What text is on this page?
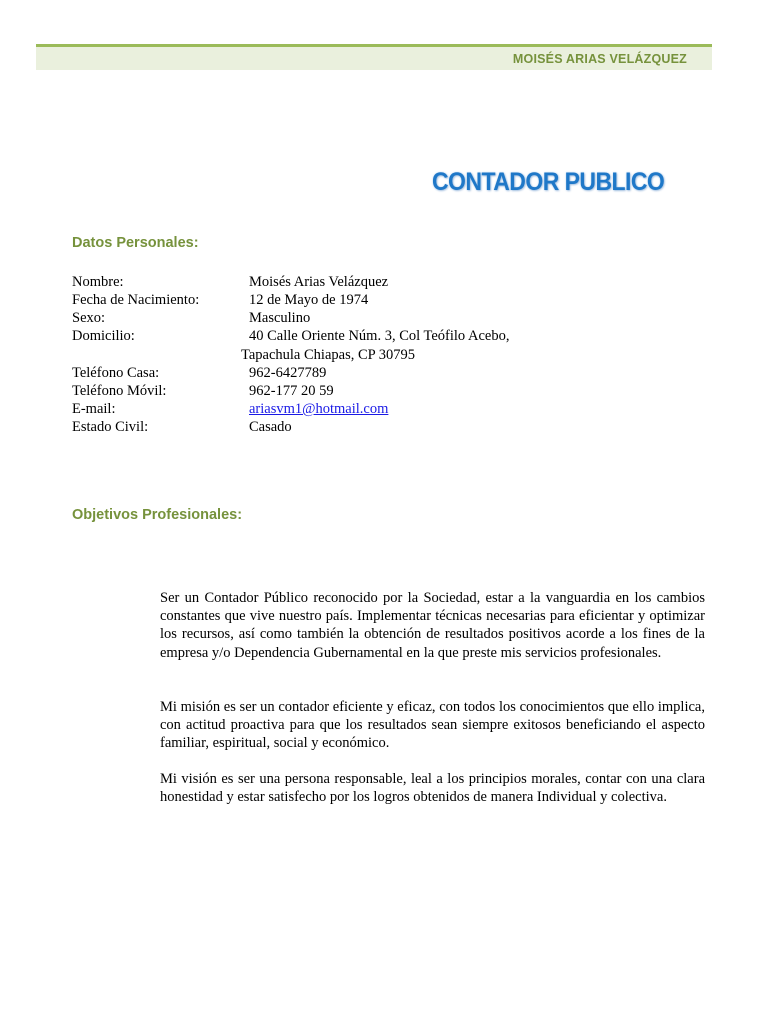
MOISÉS ARIAS VELÁZQUEZ
CONTADOR PUBLICO
Datos Personales:
Nombre:	Moisés Arias Velázquez
Fecha de Nacimiento:	12 de Mayo de 1974
Sexo:	Masculino
Domicilio:	40 Calle Oriente Núm. 3, Col Teófilo Acebo,
Tapachula Chiapas, CP 30795
Teléfono Casa:	962-6427789
Teléfono Móvil:	962-177 20 59
E-mail:	ariasvm1@hotmail.com
Estado Civil:	Casado
Objetivos Profesionales:

Ser un Contador Público reconocido por la Sociedad, estar a la vanguardia en los cambios constantes que vive nuestro país. Implementar técnicas necesarias para eficientar y optimizar los recursos, así como también la obtención de resultados positivos acorde a los fines de la empresa y/o Dependencia Gubernamental en la que preste mis servicios profesionales.

Mi misión es ser un contador eficiente y eficaz, con todos los conocimientos que ello implica, con actitud proactiva para que los resultados sean siempre exitosos beneficiando el aspecto familiar, espiritual, social y económico.

Mi visión es ser una persona responsable, leal a los principios morales, contar con una clara honestidad y estar satisfecho por los logros obtenidos de manera Individual y colectiva.
